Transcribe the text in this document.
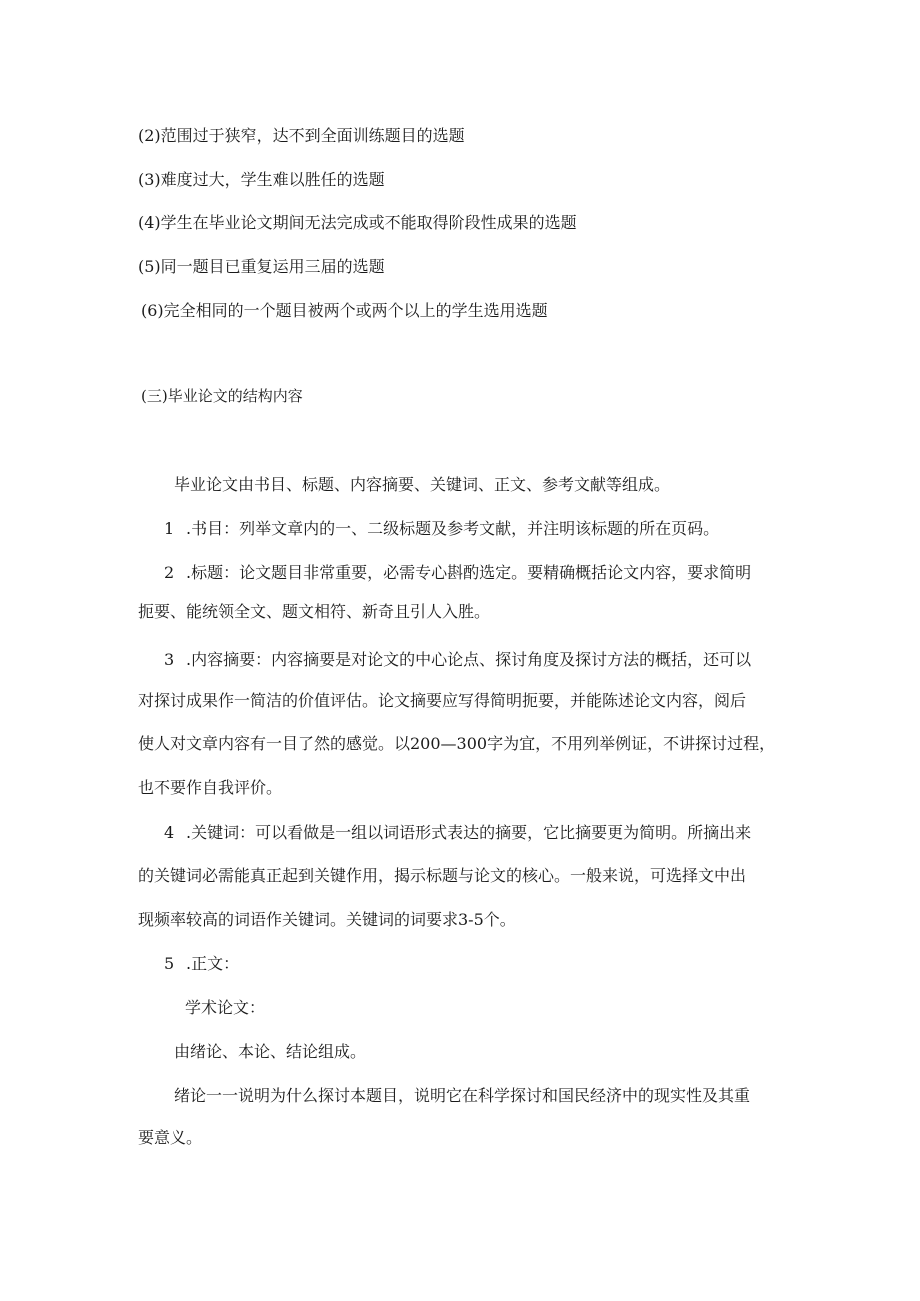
(2)范围过于狭窄，达不到全面训练题目的选题

(3)难度过大，学生难以胜任的选题

(4)学生在毕业论文期间无法完成或不能取得阶段性成果的选题

(5)同一题目已重复运用三届的选题

(6)完全相同的一个题目被两个或两个以上的学生选用选题

(三)毕业论文的结构内容

毕业论文由书目、标题、内容摘要、关键词、正文、参考文献等组成。

1 .书目：列举文章内的一、二级标题及参考文献，并注明该标题的所在页码。

2 .标题：论文题目非常重要，必需专心斟酌选定。要精确概括论文内容，要求简明

扼要、能统领全文、题文相符、新奇且引人入胜。

3 .内容摘要：内容摘要是对论文的中心论点、探讨角度及探讨方法的概括，还可以

对探讨成果作一简洁的价值评估。论文摘要应写得简明扼要，并能陈述论文内容，阅后

使人对文章内容有一目了然的感觉。以200—300字为宜，不用列举例证，不讲探讨过程，

也不要作自我评价。

4 .关键词：可以看做是一组以词语形式表达的摘要，它比摘要更为简明。所摘出来

的关键词必需能真正起到关键作用，揭示标题与论文的核心。一般来说，可选择文中出

现频率较高的词语作关键词。关键词的词要求3-5个。

5 .正文：

学术论文：

由绪论、本论、结论组成。

绪论一一说明为什么探讨本题目，说明它在科学探讨和国民经济中的现实性及其重

要意义。
